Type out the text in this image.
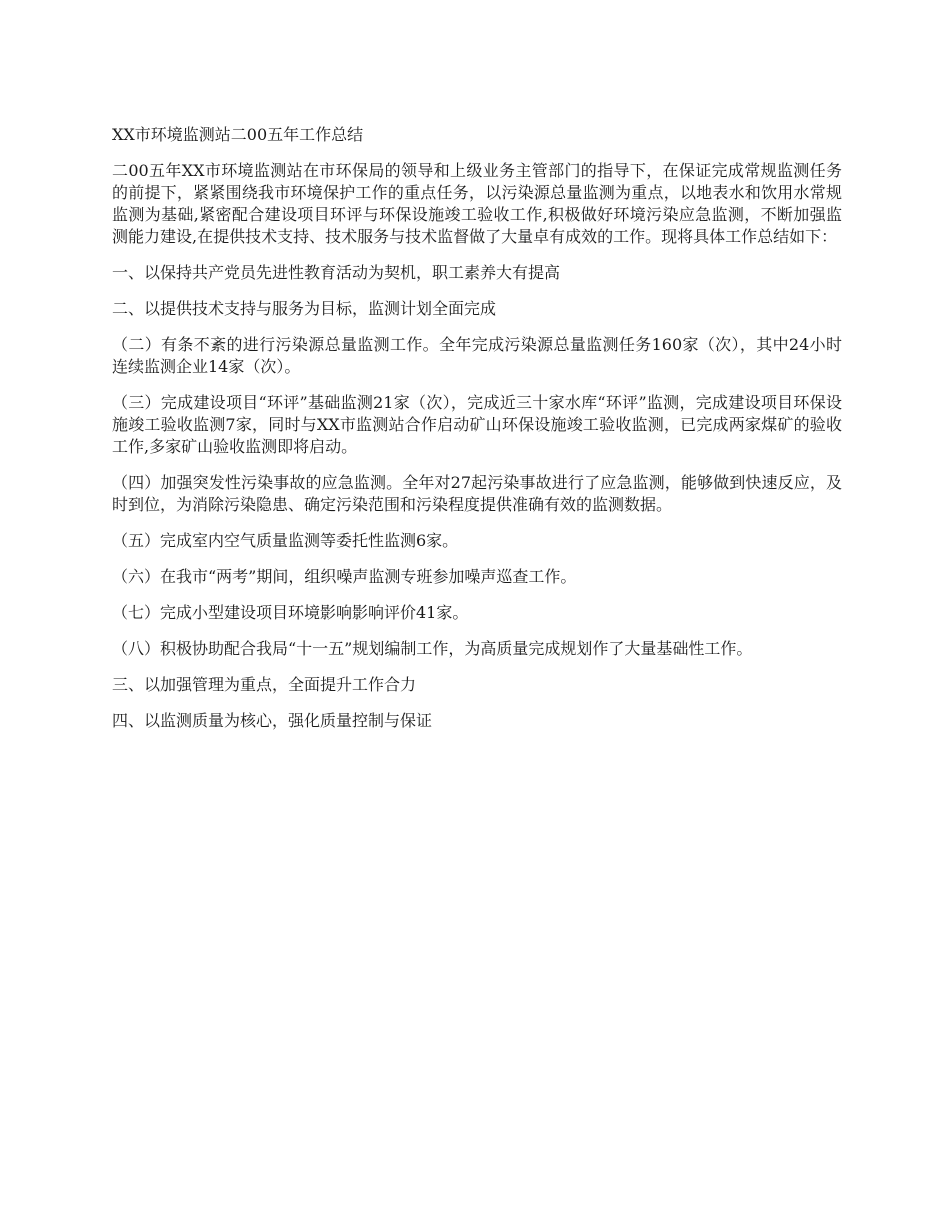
XX市环境监测站二00五年工作总结

二00五年XX市环境监测站在市环保局的领导和上级业务主管部门的指导下，在保证完成常规监测任务的前提下，紧紧围绕我市环境保护工作的重点任务，以污染源总量监测为重点，以地表水和饮用水常规监测为基础,紧密配合建设项目环评与环保设施竣工验收工作,积极做好环境污染应急监测，不断加强监测能力建设,在提供技术支持、技术服务与技术监督做了大量卓有成效的工作。现将具体工作总结如下：

一、以保持共产党员先进性教育活动为契机，职工素养大有提高

二、以提供技术支持与服务为目标，监测计划全面完成

（二）有条不紊的进行污染源总量监测工作。全年完成污染源总量监测任务160家（次），其中24小时连续监测企业14家（次）。

（三）完成建设项目“环评”基础监测21家（次），完成近三十家水库“环评”监测，完成建设项目环保设施竣工验收监测7家，同时与XX市监测站合作启动矿山环保设施竣工验收监测，已完成两家煤矿的验收工作,多家矿山验收监测即将启动。

（四）加强突发性污染事故的应急监测。全年对27起污染事故进行了应急监测，能够做到快速反应，及时到位，为消除污染隐患、确定污染范围和污染程度提供准确有效的监测数据。

（五）完成室内空气质量监测等委托性监测6家。

（六）在我市“两考”期间，组织噪声监测专班参加噪声巡查工作。

（七）完成小型建设项目环境影响影响评价41家。

（八）积极协助配合我局“十一五”规划编制工作，为高质量完成规划作了大量基础性工作。

三、以加强管理为重点，全面提升工作合力

四、以监测质量为核心，强化质量控制与保证
